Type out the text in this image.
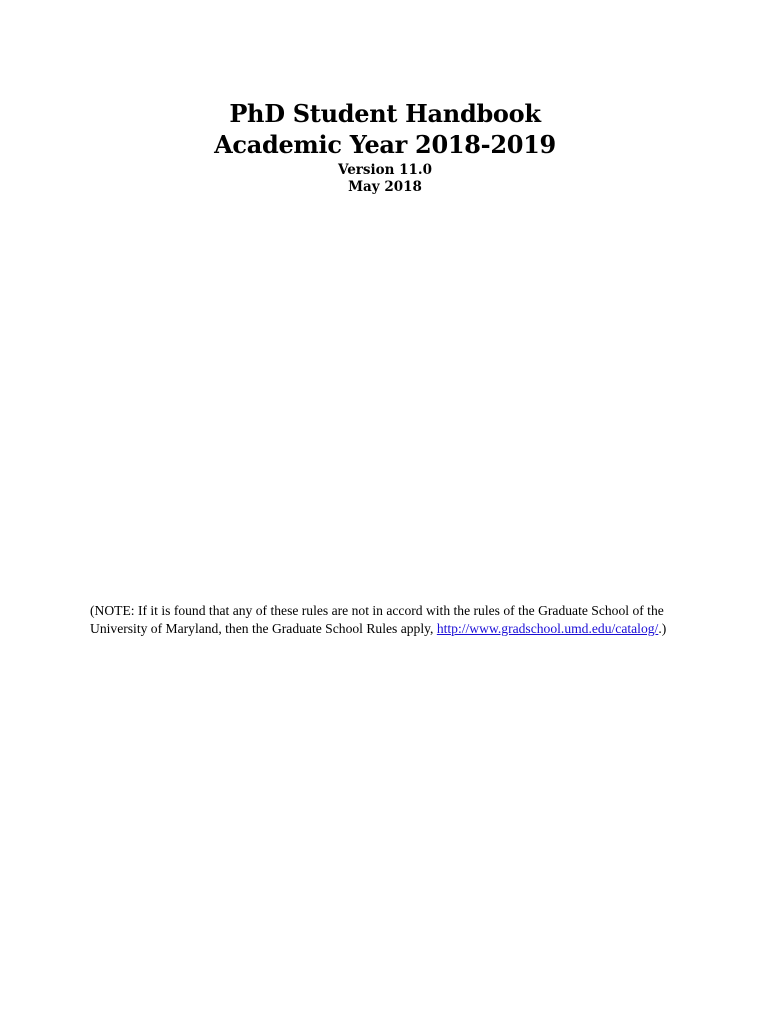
PhD Student Handbook

Academic Year 2018-2019

Version 11.0

May 2018

(NOTE: If it is found that any of these rules are not in accord with the rules of the Graduate School of the
University of Maryland, then the Graduate School Rules apply, http://www.gradschool.umd.edu/catalog/.)
